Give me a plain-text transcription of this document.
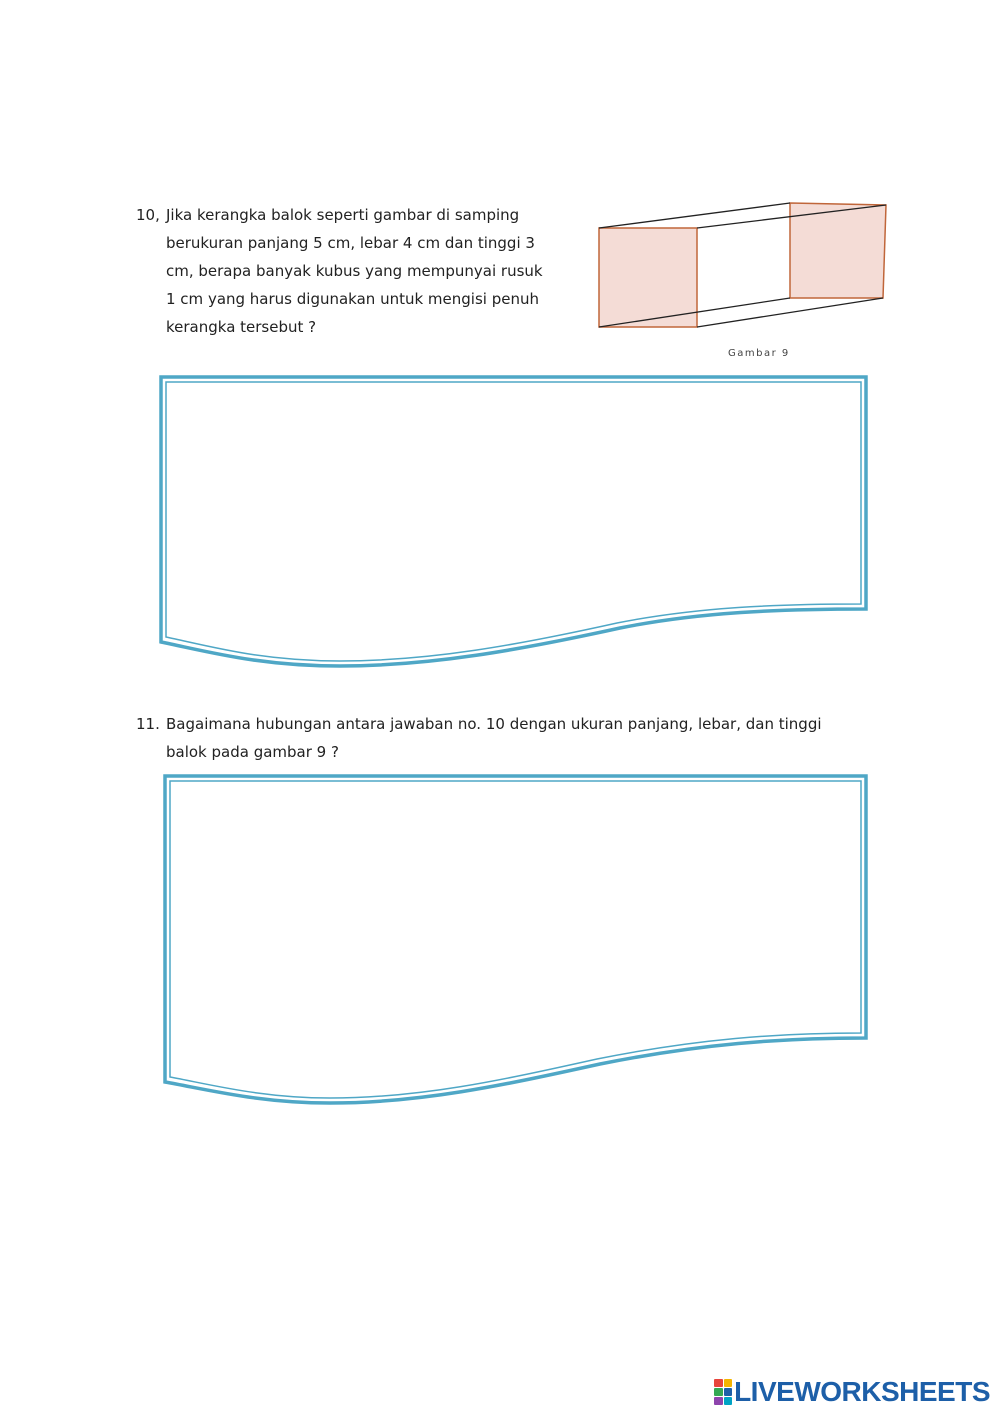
10, Jika kerangka balok seperti gambar di samping
berukuran panjang 5 cm, lebar 4 cm dan tinggi 3
cm, berapa banyak kubus yang mempunyai rusuk
1 cm yang harus digunakan untuk mengisi penuh
kerangka tersebut ?
Gambar 9
11. Bagaimana hubungan antara jawaban no. 10 dengan ukuran panjang, lebar, dan tinggi
balok pada gambar 9 ?
LIVEWORKSHEETS
